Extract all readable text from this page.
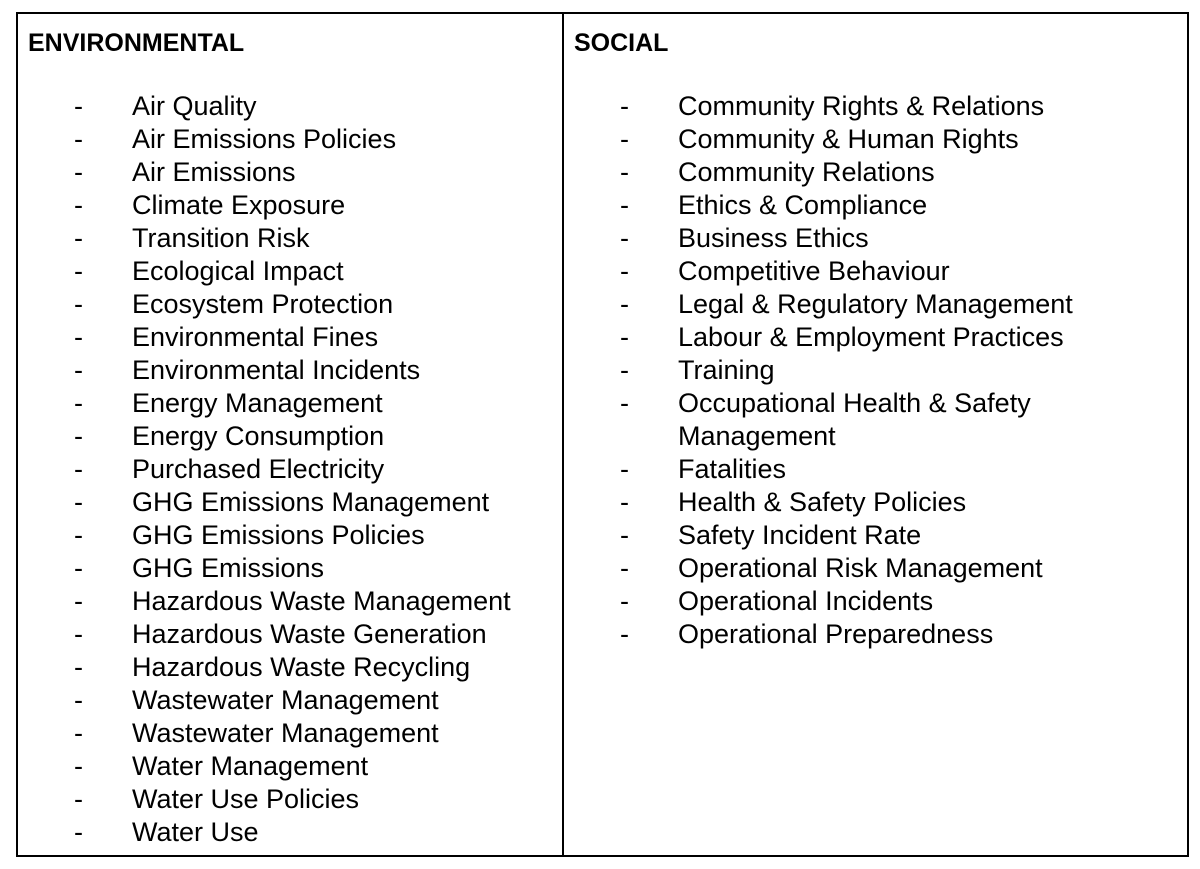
ENVIRONMENTAL
-	Air Quality
-	Air Emissions Policies
-	Air Emissions
-	Climate Exposure
-	Transition Risk
-	Ecological Impact
-	Ecosystem Protection
-	Environmental Fines
-	Environmental Incidents
-	Energy Management
-	Energy Consumption
-	Purchased Electricity
-	GHG Emissions Management
-	GHG Emissions Policies
-	GHG Emissions
-	Hazardous Waste Management
-	Hazardous Waste Generation
-	Hazardous Waste Recycling
-	Wastewater Management
-	Wastewater Management
-	Water Management
-	Water Use Policies
-	Water Use
SOCIAL
-	Community Rights & Relations
-	Community & Human Rights
-	Community Relations
-	Ethics & Compliance
-	Business Ethics
-	Competitive Behaviour
-	Legal & Regulatory Management
-	Labour & Employment Practices
-	Training
-	Occupational Health & Safety Management
-	Fatalities
-	Health & Safety Policies
-	Safety Incident Rate
-	Operational Risk Management
-	Operational Incidents
-	Operational Preparedness
